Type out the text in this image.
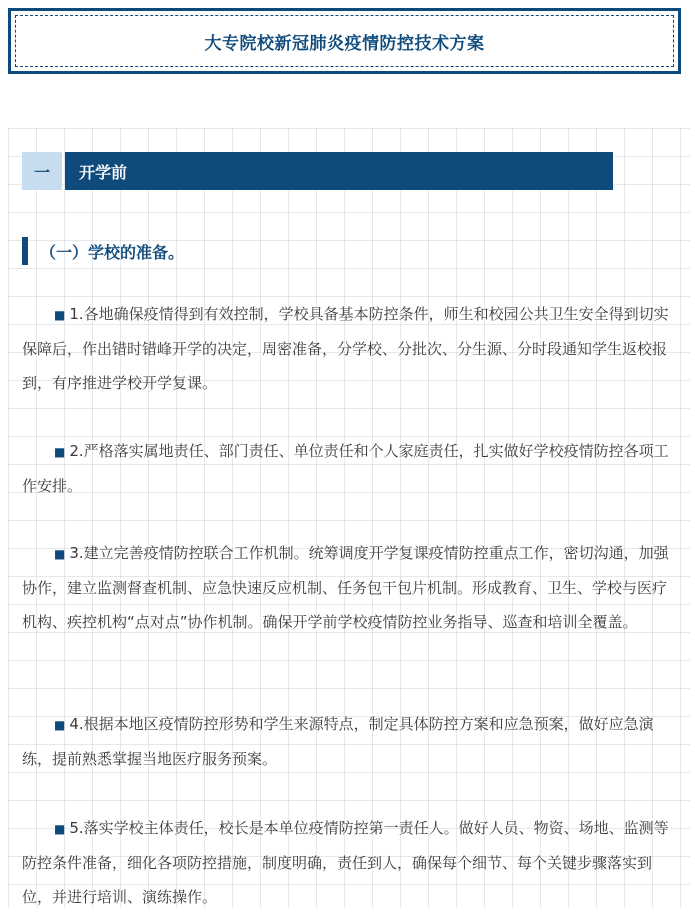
大专院校新冠肺炎疫情防控技术方案
一	开学前
（一）学校的准备。

■ 1.各地确保疫情得到有效控制，学校具备基本防控条件，师生和校园公共卫生安全得到切实保障后，作出错时错峰开学的决定，周密准备，分学校、分批次、分生源、分时段通知学生返校报到，有序推进学校开学复课。

■ 2.严格落实属地责任、部门责任、单位责任和个人家庭责任，扎实做好学校疫情防控各项工作安排。

■ 3.建立完善疫情防控联合工作机制。统筹调度开学复课疫情防控重点工作，密切沟通，加强协作，建立监测督查机制、应急快速反应机制、任务包干包片机制。形成教育、卫生、学校与医疗机构、疾控机构“点对点”协作机制。确保开学前学校疫情防控业务指导、巡查和培训全覆盖。

■ 4.根据本地区疫情防控形势和学生来源特点，制定具体防控方案和应急预案，做好应急演练，提前熟悉掌握当地医疗服务预案。

■ 5.落实学校主体责任，校长是本单位疫情防控第一责任人。做好人员、物资、场地、监测等防控条件准备，细化各项防控措施，制度明确，责任到人，确保每个细节、每个关键步骤落实到位，并进行培训、演练操作。
